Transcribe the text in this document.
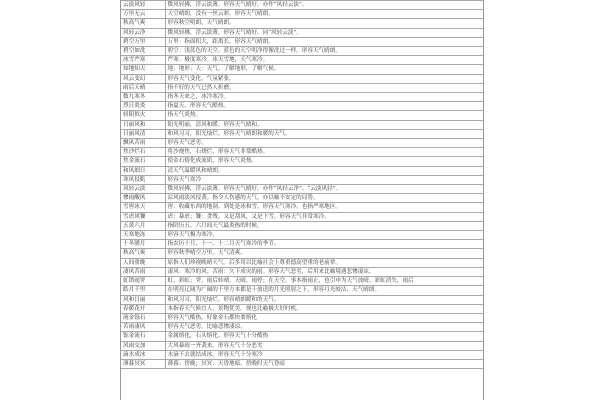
云淡风轻	微风轻拂，浮云淡薄。形容天气晴好。亦作“风轻云淡”。
万里无云	天空晴朗，没有一丝云彩。形容天气晴朗。
秋高气爽	形容秋空明朗，天气晴朗。
风轻云净	微风轻拂，浮云淡薄。形容天气晴好。同“风轻云淡”。
碧空万里	万里：指面积大，距离长。形容天气晴朗。
碧空如洗	碧空：浅蓝色的天空。蓝色的天空明净得像洗过一样。形容天气晴朗。
冰雪严寒	严寒：极度寒冷。冰天雪地，天气寒冷。
知地知天	地：地形；天：天气。了解地形，了解气候。
风云变幻	形容天气变化，气氛紧张。
雨后天晴	指不好的天气已然人折磨。
数九寒冬	指冬天来之，冰冷寒冷。
烈日炎炎	指夏天，形容天气酷热。
骄阳似火	指天气炎热。
日丽风和	阳光明丽，清风和暖。形容天气晴和。
日丽风清	和风习习，阳光灿烂。形容天气晴朗和暖的天气。
飘风苦雨	形容天气恶劣。
焦沙烂石	将沙烧焦，石烧烂。形容天气非常酷热。
焦金流石	使金石熔化成流质，形容天气炎热。
和风细日	清天气温暖风和晴朗。
寒风侵肌	形容天气寒冷
风轻云淡	微风轻拂，浮云淡薄。形容天气晴好。亦作“风轻云净”、“云淡风轻”。
惨雨酸风	凉风雨淡风侵袭。指令人伤感的天气。亦以喻不安定的局势。
雪窖冰天	窖：收藏东西的地洞。到处是冰和雪。形容天气寒冷。也指严寒地区。
雪虐风饕	虐：暴虐；饕：贪残。又是刮风，又是下雪。形容天气非常寒冷。
五黄六月	指阴历五、六月间天气最炎热的时候。
天寒地冻	形容天气极为寒冷。
十冬腊月	指农历十月、十一、十二月天气寒冷的季节。
秋高气爽	形容秋季晴空万里，天气清爽。
人间重晚	原指人们珍视晚晴天气。后多用以比喻社会上尊重德高望重的老前辈。
凄风苦雨	凄风：寒冷的风；苦雨：久下成灾的雨。形容天气恶劣，后用来比喻境遇悲惨凄凉。
虹销雨霁	虹，彩虹；霁，雨后转晴。天晴，雨停；在天空，事本指雨止，也引申为天气放晴。彩虹消失，雨后
皓月千里	在明亮辽阔为广阔的千里方本都是十放送的月光照射之下。形容月光皎洁，天气晴朗。
风和日丽	和风习习，阳光灿烂。形容晴朗暖和的天气。
春暖花开	本指春天气候宜人，景物优美。现也比喻极大好时机。
流金铄石	形容天气酷热，好象金石都快要熔化
苦雨凄风	形容天气恶劣。比喻悲惨凄凉。
铄金流石	金属熔化，石头熔化。形容天气十分酷热
风雨交加	大风暴雨一齐袭来。形容天气十分恶劣
滴水成冰	水滴下去就结成冰。形容天气十分寒冷
薄暮冥冥	薄暮：傍晚；冥冥：天昏地暗。傍晚时天气昏暗
